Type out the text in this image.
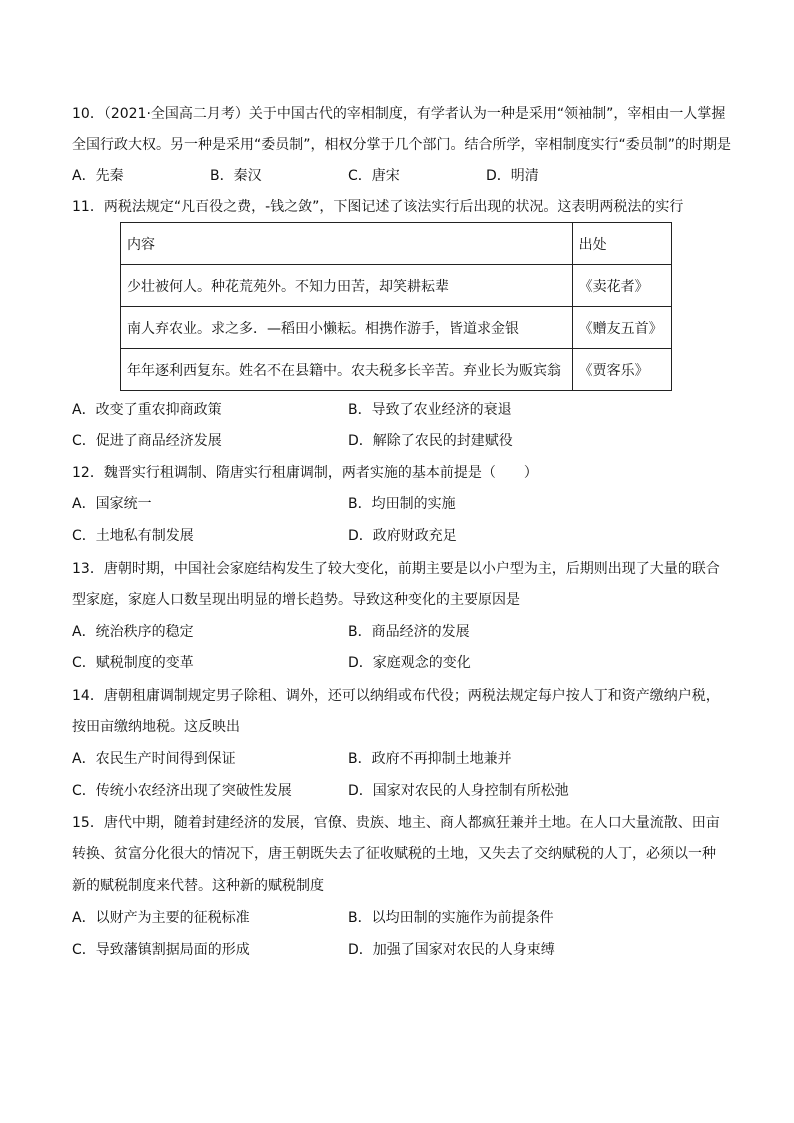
10．（2021·全国高二月考）关于中国古代的宰相制度，有学者认为一种是采用“领袖制”，宰相由一人掌握
全国行政大权。另一种是采用“委员制”，相权分掌于几个部门。结合所学，宰相制度实行“委员制”的时期是
A．先秦	B．秦汉	C．唐宋	D．明清
11．两税法规定“凡百役之费，-钱之敛”，下图记述了该法实行后出现的状况。这表明两税法的实行
内容	出处
少壮被何人。种花荒苑外。不知力田苦，却笑耕耘辈	《卖花者》
南人弃农业。求之多．—稻田小懒耘。相携作游手，皆道求金银	《赠友五首》
年年逐利西复东。姓名不在县籍中。农夫税多长辛苦。弃业长为贩宾翁	《贾客乐》
A．改变了重农抑商政策	B．导致了农业经济的衰退
C．促进了商品经济发展	D．解除了农民的封建赋役
12．魏晋实行租调制、隋唐实行租庸调制，两者实施的基本前提是（　　）
A．国家统一	B．均田制的实施
C．土地私有制发展	D．政府财政充足
13．唐朝时期，中国社会家庭结构发生了较大变化，前期主要是以小户型为主，后期则出现了大量的联合
型家庭，家庭人口数呈现出明显的增长趋势。导致这种变化的主要原因是
A．统治秩序的稳定	B．商品经济的发展
C．赋税制度的变革	D．家庭观念的变化
14．唐朝租庸调制规定男子除租、调外，还可以纳绢或布代役；两税法规定每户按人丁和资产缴纳户税，
按田亩缴纳地税。这反映出
A．农民生产时间得到保证	B．政府不再抑制土地兼并
C．传统小农经济出现了突破性发展	D．国家对农民的人身控制有所松弛
15．唐代中期，随着封建经济的发展，官僚、贵族、地主、商人都疯狂兼并土地。在人口大量流散、田亩
转换、贫富分化很大的情况下，唐王朝既失去了征收赋税的土地，又失去了交纳赋税的人丁，必须以一种
新的赋税制度来代替。这种新的赋税制度
A．以财产为主要的征税标准	B．以均田制的实施作为前提条件
C．导致藩镇割据局面的形成	D．加强了国家对农民的人身束缚
